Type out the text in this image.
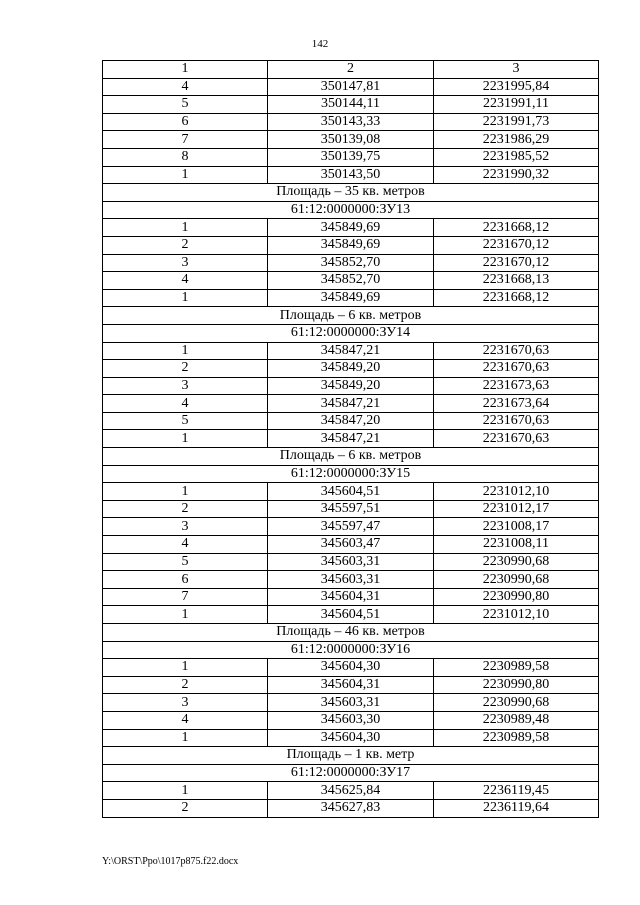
142
1	2	3
4	350147,81	2231995,84
5	350144,11	2231991,11
6	350143,33	2231991,73
7	350139,08	2231986,29
8	350139,75	2231985,52
1	350143,50	2231990,32
Площадь – 35 кв. метров		
61:12:0000000:ЗУ13		
1	345849,69	2231668,12
2	345849,69	2231670,12
3	345852,70	2231670,12
4	345852,70	2231668,13
1	345849,69	2231668,12
Площадь – 6 кв. метров		
61:12:0000000:ЗУ14		
1	345847,21	2231670,63
2	345849,20	2231670,63
3	345849,20	2231673,63
4	345847,21	2231673,64
5	345847,20	2231670,63
1	345847,21	2231670,63
Площадь – 6 кв. метров		
61:12:0000000:ЗУ15		
1	345604,51	2231012,10
2	345597,51	2231012,17
3	345597,47	2231008,17
4	345603,47	2231008,11
5	345603,31	2230990,68
6	345603,31	2230990,68
7	345604,31	2230990,80
1	345604,51	2231012,10
Площадь – 46 кв. метров		
61:12:0000000:ЗУ16		
1	345604,30	2230989,58
2	345604,31	2230990,80
3	345603,31	2230990,68
4	345603,30	2230989,48
1	345604,30	2230989,58
Площадь – 1 кв. метр		
61:12:0000000:ЗУ17		
1	345625,84	2236119,45
2	345627,83	2236119,64
Y:\ORST\Ppo\1017p875.f22.docx
